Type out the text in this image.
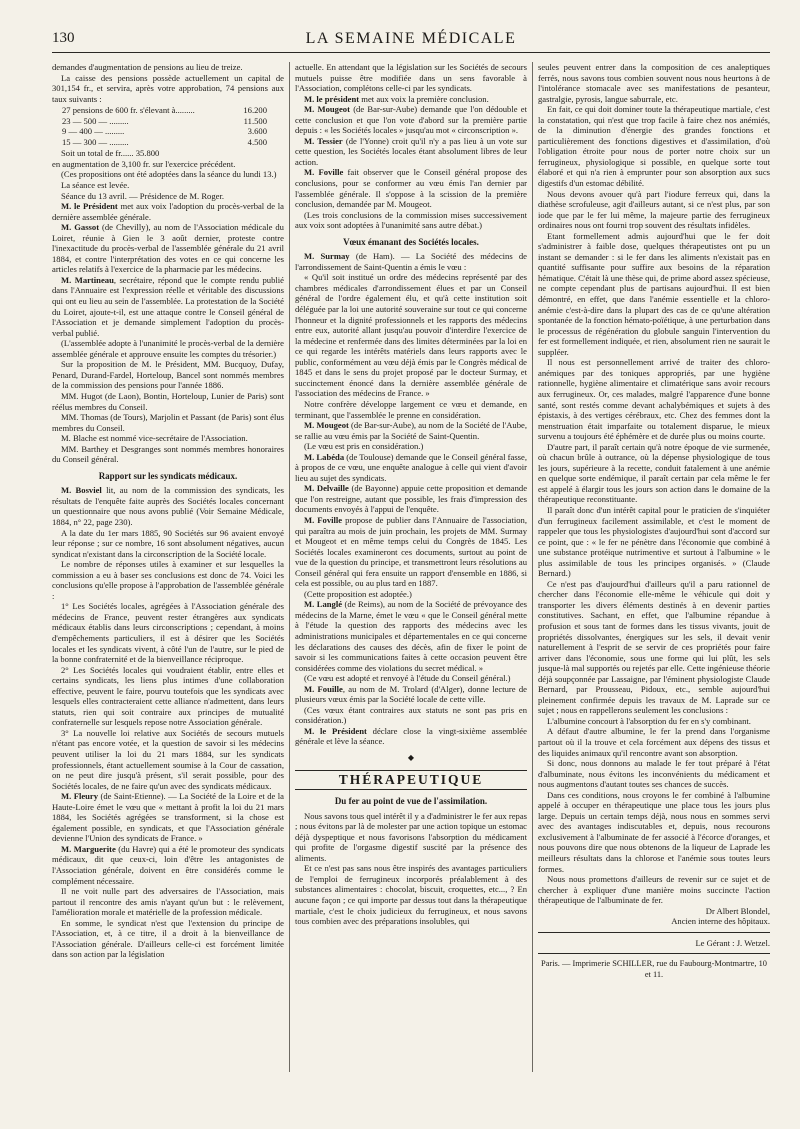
130	LA SEMAINE MÉDICALE

demandes d'augmentation de pensions au lieu de treize.

La caisse des pensions possède actuellement un capital de 301,154 fr., et servira, après votre approbation, 74 pensions aux taux suivants :

27 pensions de 600 fr. s'élevant à.........	16.200
23 — 500 — .........	11.500
9 — 400 — .........	3.600
15 — 300 — .........	4.500

Soit un total de fr...... 35.800

en augmentation de 3,100 fr. sur l'exercice précédent.

(Ces propositions ont été adoptées dans la séance du lundi 13.)

La séance est levée.

Séance du 13 avril. — Présidence de M. Roger.

M. le Président met aux voix l'adoption du procès-verbal de la dernière assemblée générale.

M. Gassot (de Chevilly), au nom de l'Association médicale du Loiret, réunie à Gien le 3 août dernier, proteste contre l'inexactitude du procès-verbal de l'assemblée générale du 21 avril 1884, et contre l'interprétation des votes en ce qui concerne les articles relatifs à l'exercice de la pharmacie par les médecins.

M. Martineau, secrétaire, répond que le compte rendu publié dans l'Annuaire est l'expression réelle et véritable des discussions qui ont eu lieu au sein de l'assemblée. La protestation de la Société du Loiret, ajoute-t-il, est une attaque contre le Conseil général de l'Association et je demande simplement l'adoption du procès-verbal publié.

(L'assemblée adopte à l'unanimité le procès-verbal de la dernière assemblée générale et approuve ensuite les comptes du trésorier.)

Sur la proposition de M. le Président, MM. Bucquoy, Dufay, Penard, Durand-Fardel, Horteloup, Bancel sont nommés membres de la commission des pensions pour l'année 1886.

MM. Hugot (de Laon), Bontin, Horteloup, Lunier de Paris) sont réélus membres du Conseil.

MM. Thomas (de Tours), Marjolin et Passant (de Paris) sont élus membres du Conseil.

M. Blache est nommé vice-secrétaire de l'Association.

MM. Barthey et Desgranges sont nommés membres honoraires du Conseil général.

Rapport sur les syndicats médicaux.

M. Bosviel lit, au nom de la commission des syndicats, les résultats de l'enquête faite auprès des Sociétés locales concernant un questionnaire que nous avons publié (Voir Semaine Médicale, 1884, n° 22, page 230).

A la date du 1er mars 1885, 90 Sociétés sur 96 avaient envoyé leur réponse ; sur ce nombre, 16 sont absolument négatives, aucun syndicat n'existant dans la circonscription de la Société locale.

Le nombre de réponses utiles à examiner et sur lesquelles la commission a eu à baser ses conclusions est donc de 74. Voici les conclusions qu'elle propose à l'approbation de l'assemblée générale :

1° Les Sociétés locales, agrégées à l'Association générale des médecins de France, peuvent rester étrangères aux syndicats médicaux établis dans leurs circonscriptions ; cependant, à moins d'empêchements particuliers, il est à désirer que les Sociétés locales et les syndicats vivent, à côté l'un de l'autre, sur le pied de la bonne confraternité et de la bienveillance réciproque.

2° Les Sociétés locales qui voudraient établir, entre elles et certains syndicats, les liens plus intimes d'une collaboration effective, peuvent le faire, pourvu toutefois que les syndicats avec lesquels elles contracteraient cette alliance n'admettent, dans leurs statuts, rien qui soit contraire aux principes de mutualité confraternelle sur lesquels repose notre Association générale.

3° La nouvelle loi relative aux Sociétés de secours mutuels n'étant pas encore votée, et la question de savoir si les médecins peuvent utiliser la loi du 21 mars 1884, sur les syndicats professionnels, étant actuellement soumise à la Cour de cassation, on ne peut dire jusqu'à présent, s'il serait possible, pour des Sociétés locales, de ne faire qu'un avec des syndicats médicaux.

M. Fleury (de Saint-Etienne). — La Société de la Loire et de la Haute-Loire émet le vœu que « mettant à profit la loi du 21 mars 1884, les Sociétés agrégées se transforment, si la chose est également possible, en syndicats, et que l'Association générale devienne l'Union des syndicats de France. »

M. Marguerite (du Havre) qui a été le promoteur des syndicats médicaux, dit que ceux-ci, loin d'être les antagonistes de l'Association générale, doivent en être considérés comme le complément nécessaire.

Il ne voit nulle part des adversaires de l'Association, mais partout il rencontre des amis n'ayant qu'un but : le relèvement, l'amélioration morale et matérielle de la profession médicale.

En somme, le syndicat n'est que l'extension du principe de l'Association, et, à ce titre, il a droit à la bienveillance de l'Association générale. D'ailleurs celle-ci est forcément limitée dans son action par la législation

actuelle. En attendant que la législation sur les Sociétés de secours mutuels puisse être modifiée dans un sens favorable à l'Association, complétons celle-ci par les syndicats.

M. le président met aux voix la première conclusion.

M. Mougeot (de Bar-sur-Aube) demande que l'on dédouble et cette conclusion et que l'on vote d'abord sur la première partie depuis : « les Sociétés locales » jusqu'au mot « circonscription ».

M. Tessier (de l'Yonne) croit qu'il n'y a pas lieu à un vote sur cette question, les Sociétés locales étant absolument libres de leur action.

M. Foville fait observer que le Conseil général propose des conclusions, pour se conformer au vœu émis l'an dernier par l'assemblée générale. Il s'oppose à la scission de la première conclusion, demandée par M. Mougeot.

(Les trois conclusions de la commission mises successivement aux voix sont adoptées à l'unanimité sans autre débat.)

Vœux émanant des Sociétés locales.

M. Surmay (de Ham). — La Société des médecins de l'arrondissement de Saint-Quentin a émis le vœu :

« Qu'il soit institué un ordre des médecins représenté par des chambres médicales d'arrondissement élues et par un Conseil général de l'ordre également élu, et qu'à cette institution soit déléguée par la loi une autorité souveraine sur tout ce qui concerne l'honneur et la dignité professionnels et les rapports des médecins entre eux, autorité allant jusqu'au pouvoir d'interdire l'exercice de la médecine et renfermée dans des limites déterminées par la loi en ce qui regarde les intérêts matériels dans leurs rapports avec le public, conformément au vœu déjà émis par le Congrès médical de 1845 et dans le sens du projet proposé par le docteur Surmay, et succinctement énoncé dans la dernière assemblée générale de l'association des médecins de France. »

Notre confrère développe largement ce vœu et demande, en terminant, que l'assemblée le prenne en considération.

M. Mougeot (de Bar-sur-Aube), au nom de la Société de l'Aube, se rallie au vœu émis par la Société de Saint-Quentin.

(Le vœu est pris en considération.)

M. Labéda (de Toulouse) demande que le Conseil général fasse, à propos de ce vœu, une enquête analogue à celle qui vient d'avoir lieu au sujet des syndicats.

M. Delvaille (de Bayonne) appuie cette proposition et demande que l'on restreigne, autant que possible, les frais d'impression des documents envoyés à l'appui de l'enquête.

M. Foville propose de publier dans l'Annuaire de l'association, qui paraîtra au mois de juin prochain, les projets de MM. Surmay et Mougeot et en même temps celui du Congrès de 1845. Les Sociétés locales examineront ces documents, surtout au point de vue de la question du principe, et transmettront leurs résolutions au Conseil général qui fera ensuite un rapport d'ensemble en 1886, si cela est possible, ou au plus tard en 1887.

(Cette proposition est adoptée.)

M. Langlé (de Reims), au nom de la Société de prévoyance des médecins de la Marne, émet le vœu « que le Conseil général mette à l'étude la question des rapports des médecins avec les administrations municipales et départementales en ce qui concerne les déclarations des causes des décès, afin de fixer le point de savoir si les communications faites à cette occasion peuvent être considérées comme des violations du secret médical. »

(Ce vœu est adopté et renvoyé à l'étude du Conseil général.)

M. Fouille, au nom de M. Trolard (d'Alger), donne lecture de plusieurs vœux émis par la Société locale de cette ville.

(Ces vœux étant contraires aux statuts ne sont pas pris en considération.)

M. le Président déclare close la vingt-sixième assemblée générale et lève la séance.

◆
THÉRAPEUTIQUE
Du fer au point de vue de l'assimilation.

Nous savons tous quel intérêt il y a d'administrer le fer aux repas ; nous évitons par là de molester par une action topique un estomac déjà dyspeptique et nous favorisons l'absorption du médicament qui profite de l'orgasme digestif suscité par la présence des aliments.

Et ce n'est pas sans nous être inspirés des avantages particuliers de l'emploi de ferrugineux incorporés préalablement à des substances alimentaires : chocolat, biscuit, croquettes, etc..., ? En aucune façon ; ce qui importe par dessus tout dans la thérapeutique martiale, c'est le choix judicieux du ferrugineux, et nous savons tous combien avec des préparations insolubles, qui

seules peuvent entrer dans la composition de ces analeptiques ferrés, nous savons tous combien souvent nous nous heurtons à de l'intolérance stomacale avec ses manifestations de pesanteur, gastralgie, pyrosis, langue saburrale, etc.

En fait, ce qui doit dominer toute la thérapeutique martiale, c'est la constatation, qui n'est que trop facile à faire chez nos anémiés, de la diminution d'énergie des grandes fonctions et particulièrement des fonctions digestives et d'assimilation, d'où l'obligation étroite pour nous de porter notre choix sur un ferrugineux, physiologique si possible, en quelque sorte tout élaboré et qui n'a rien à emprunter pour son absorption aux sucs digestifs d'un estomac débilité.

Nous devons avouer qu'à part l'iodure ferreux qui, dans la diathèse scrofuleuse, agit d'ailleurs autant, si ce n'est plus, par son iode que par le fer lui même, la majeure partie des ferrugineux ordinaires nous ont fourni trop souvent des résultats infidèles.

Etant formellement admis aujourd'hui que le fer doit s'administrer à faible dose, quelques thérapeutistes ont pu un instant se demander : si le fer dans les aliments n'existait pas en quantité suffisante pour suffire aux besoins de la réparation hématique. C'était là une thèse qui, de prime abord assez spécieuse, ne compte cependant plus de partisans aujourd'hui. Il est bien démontré, en effet, que dans l'anémie essentielle et la chloro-anémie c'est-à-dire dans la plupart des cas de ce qu'une altération spontanée de la fonction hémato-poïétique, à une perturbation dans le processus de régénération du globule sanguin l'intervention du fer est formellement indiquée, et rien, absolument rien ne saurait le suppléer.

Il nous est personnellement arrivé de traiter des chloro-anémiques par des toniques appropriés, par une hygiène rationnelle, hygiène alimentaire et climatérique sans avoir recours aux ferrugineux. Or, ces malades, malgré l'apparence d'une bonne santé, sont restés comme devant achalybémiques et sujets à des épistaxis, à des vertiges cérébraux, etc. Chez des femmes dont la menstruation était imparfaite ou totalement disparue, le mieux survenu a toujours été éphémère et de durée plus ou moins courte.

D'autre part, il paraît certain qu'à notre époque de vie surmenée, où chacun brûle à outrance, où la dépense physiologique de tous les jours, supérieure à la recette, conduit fatalement à une anémie en quelque sorte endémique, il paraît certain par cela même le fer est appelé à élargir tous les jours son action dans le domaine de la thérapeutique reconstituante.

Il paraît donc d'un intérêt capital pour le praticien de s'inquiéter d'un ferrugineux facilement assimilable, et c'est le moment de rappeler que tous les physiologistes d'aujourd'hui sont d'accord sur ce point, que : « le fer ne pénètre dans l'économie que combiné à une substance protéique nutrimentive et surtout à l'albumine » le plus assimilable de tous les principes organisés. » (Claude Bernard.)

Ce n'est pas d'aujourd'hui d'ailleurs qu'il a paru rationnel de chercher dans l'économie elle-même le véhicule qui doit y transporter les divers éléments destinés à en devenir parties constitutives. Sachant, en effet, que l'albumine répandue à profusion et sous tant de formes dans les tissus vivants, jouit de propriétés dissolvantes, énergiques sur les sels, il devait venir naturellement à l'esprit de se servir de ces propriétés pour faire arriver dans l'économie, sous une forme qui lui plût, les sels jusque-là mal supportés ou rejetés par elle. Cette ingénieuse théorie déjà soupçonnée par Lassaigne, par l'éminent physiologiste Claude Bernard, par Prousseau, Pidoux, etc., semble aujourd'hui pleinement confirmée depuis les travaux de M. Laprade sur ce sujet ; nous en rappellerons seulement les conclusions :

L'albumine concourt à l'absorption du fer en s'y combinant.

A défaut d'autre albumine, le fer la prend dans l'organisme partout où il la trouve et cela forcément aux dépens des tissus et des liquides animaux qu'il rencontre avant son absorption.

Si donc, nous donnons au malade le fer tout préparé à l'état d'albuminate, nous évitons les inconvénients du médicament et nous augmentons d'autant toutes ses chances de succès.

Dans ces conditions, nous croyons le fer combiné à l'albumine appelé à occuper en thérapeutique une place tous les jours plus large. Depuis un certain temps déjà, nous nous en sommes servi avec des avantages indiscutables et, depuis, nous recourons exclusivement à l'albuminate de fer associé à l'écorce d'oranges, et nous pouvons dire que nous obtenons de la liqueur de Laprade les meilleurs résultats dans la chlorose et l'anémie sous toutes leurs formes.

Nous nous promettons d'ailleurs de revenir sur ce sujet et de chercher à expliquer d'une manière moins succincte l'action thérapeutique de l'albuminate de fer.

Dr Albert Blondel,

Ancien interne des hôpitaux.

Le Gérant : J. Wetzel.

Paris. — Imprimerie SCHILLER, rue du Faubourg-Montmartre, 10 et 11.
